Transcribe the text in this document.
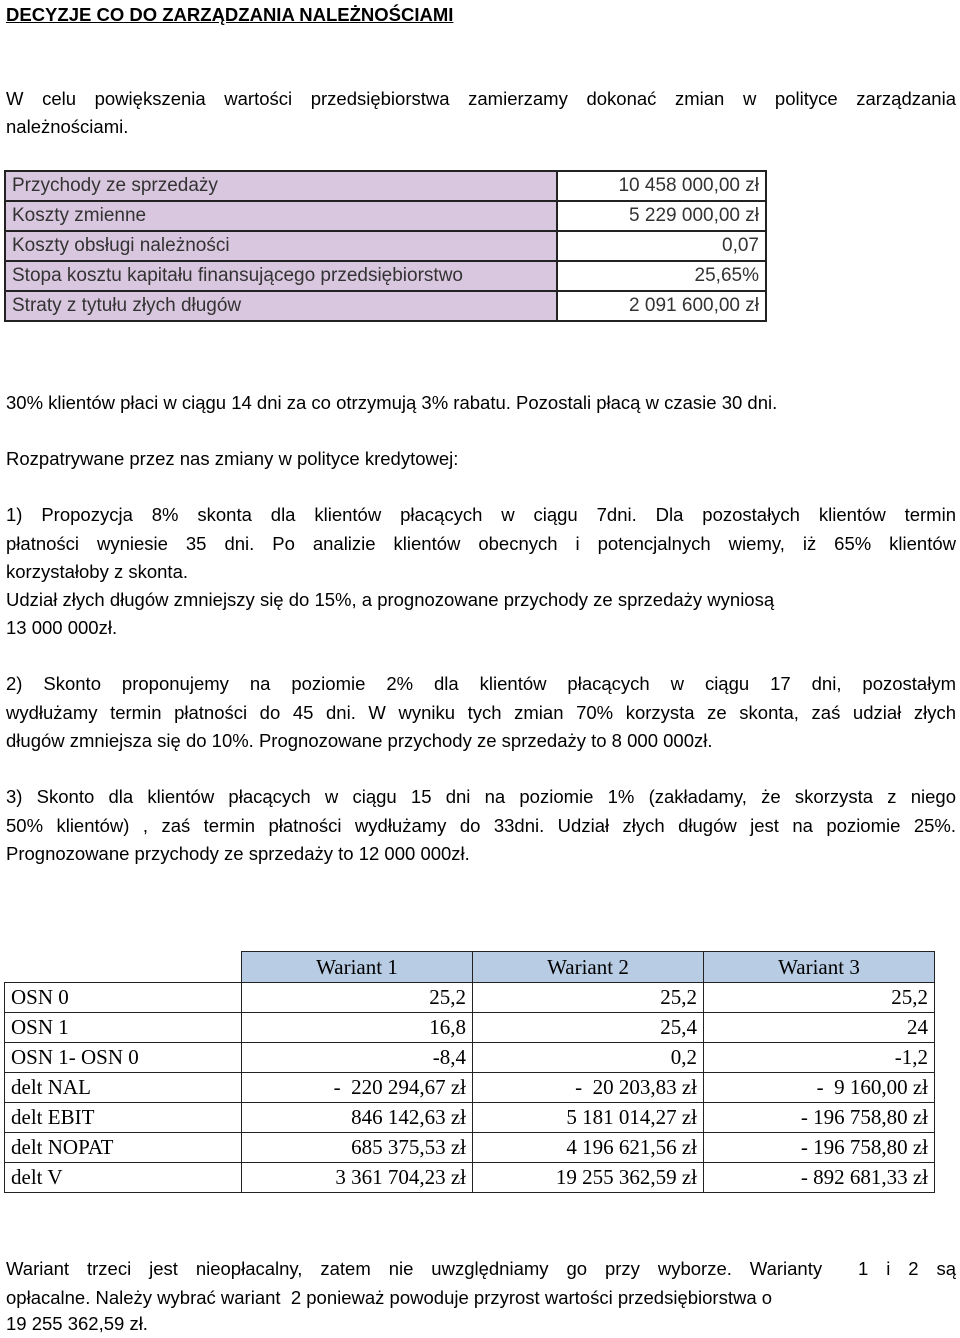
DECYZJE CO DO ZARZĄDZANIA NALEŻNOŚCIAMI
W celu powiększenia wartości przedsiębiorstwa zamierzamy dokonać zmian w polityce zarządzania
należnościami.
Przychody ze sprzedaży	10 458 000,00 zł
Koszty zmienne	5 229 000,00 zł
Koszty obsługi należności	0,07
Stopa kosztu kapitału finansującego przedsiębiorstwo	25,65%
Straty z tytułu złych długów	2 091 600,00 zł
30% klientów płaci w ciągu 14 dni za co otrzymują 3% rabatu. Pozostali płacą w czasie 30 dni.
Rozpatrywane przez nas zmiany w polityce kredytowej:
1) Propozycja 8% skonta dla klientów płacących w ciągu 7dni. Dla pozostałych klientów termin
płatności wyniesie 35 dni. Po analizie klientów obecnych i potencjalnych wiemy, iż 65% klientów
korzystałoby z skonta.
Udział złych długów zmniejszy się do 15%, a prognozowane przychody ze sprzedaży wyniosą
13 000 000zł.
2) Skonto proponujemy na poziomie 2% dla klientów płacących w ciągu 17 dni, pozostałym
wydłużamy termin płatności do 45 dni. W wyniku tych zmian 70% korzysta ze skonta, zaś udział złych
długów zmniejsza się do 10%. Prognozowane przychody ze sprzedaży to 8 000 000zł.
3) Skonto dla klientów płacących w ciągu 15 dni na poziomie 1% (zakładamy, że skorzysta z niego
50% klientów) , zaś termin płatności wydłużamy do 33dni. Udział złych długów jest na poziomie 25%.
Prognozowane przychody ze sprzedaży to 12 000 000zł.
	Wariant 1	Wariant 2	Wariant 3
OSN 0	25,2	25,2	25,2
OSN 1	16,8	25,4	24
OSN 1- OSN 0	-8,4	0,2	-1,2
delt NAL	-  220 294,67 zł	-  20 203,83 zł	-  9 160,00 zł
delt EBIT	846 142,63 zł	5 181 014,27 zł	- 196 758,80 zł
delt NOPAT	685 375,53 zł	4 196 621,56 zł	- 196 758,80 zł
delt V	3 361 704,23 zł	19 255 362,59 zł	- 892 681,33 zł
Wariant trzeci jest nieopłacalny, zatem nie uwzględniamy go przy wyborze. Warianty  1 i 2 są
opłacalne. Należy wybrać wariant  2 ponieważ powoduje przyrost wartości przedsiębiorstwa o
19 255 362,59 zł.
